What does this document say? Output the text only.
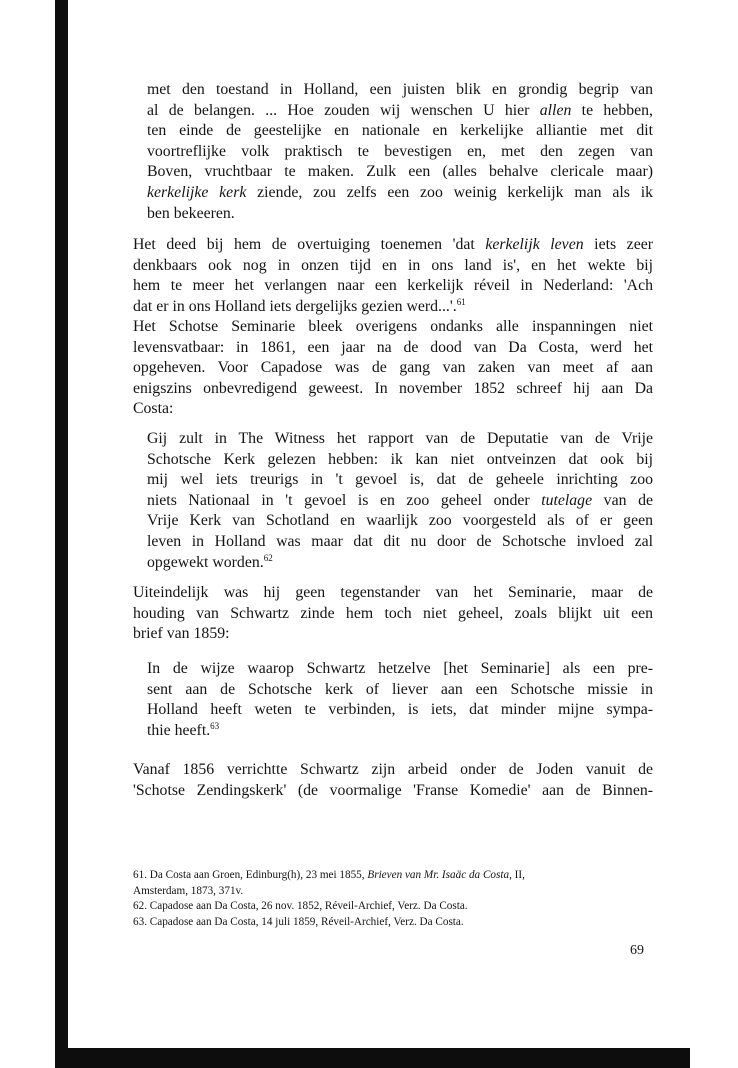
met den toestand in Holland, een juisten blik en grondig begrip van
al de belangen. ... Hoe zouden wij wenschen U hier allen te hebben,
ten einde de geestelijke en nationale en kerkelijke alliantie met dit
voortreflijke volk praktisch te bevestigen en, met den zegen van
Boven, vruchtbaar te maken. Zulk een (alles behalve clericale maar)
kerkelijke kerk ziende, zou zelfs een zoo weinig kerkelijk man als ik
ben bekeeren.
Het deed bij hem de overtuiging toenemen 'dat kerkelijk leven iets zeer
denkbaars ook nog in onzen tijd en in ons land is', en het wekte bij
hem te meer het verlangen naar een kerkelijk réveil in Nederland: 'Ach
dat er in ons Holland iets dergelijks gezien werd...'.$^{61}$
Het Schotse Seminarie bleek overigens ondanks alle inspanningen niet
levensvatbaar: in 1861, een jaar na de dood van Da Costa, werd het
opgeheven. Voor Capadose was de gang van zaken van meet af aan
enigszins onbevredigend geweest. In november 1852 schreef hij aan Da
Costa:
Gij zult in The Witness het rapport van de Deputatie van de Vrije
Schotsche Kerk gelezen hebben: ik kan niet ontveinzen dat ook bij
mij wel iets treurigs in 't gevoel is, dat de geheele inrichting zoo
niets Nationaal in 't gevoel is en zoo geheel onder tutelage van de
Vrije Kerk van Schotland en waarlijk zoo voorgesteld als of er geen
leven in Holland was maar dat dit nu door de Schotsche invloed zal
opgewekt worden.$^{62}$
Uiteindelijk was hij geen tegenstander van het Seminarie, maar de
houding van Schwartz zinde hem toch niet geheel, zoals blijkt uit een
brief van 1859:
In de wijze waarop Schwartz hetzelve [het Seminarie] als een pre-
sent aan de Schotsche kerk of liever aan een Schotsche missie in
Holland heeft weten te verbinden, is iets, dat minder mijne sympa-
thie heeft.$^{63}$
Vanaf 1856 verrichtte Schwartz zijn arbeid onder de Joden vanuit de
'Schotse Zendingskerk' (de voormalige 'Franse Komedie' aan de Binnen-
61. Da Costa aan Groen, Edinburg(h), 23 mei 1855, Brieven van Mr. Isaäc da Costa, II,
Amsterdam, 1873, 371v.
62. Capadose aan Da Costa, 26 nov. 1852, Réveil-Archief, Verz. Da Costa.
63. Capadose aan Da Costa, 14 juli 1859, Réveil-Archief, Verz. Da Costa.
69
